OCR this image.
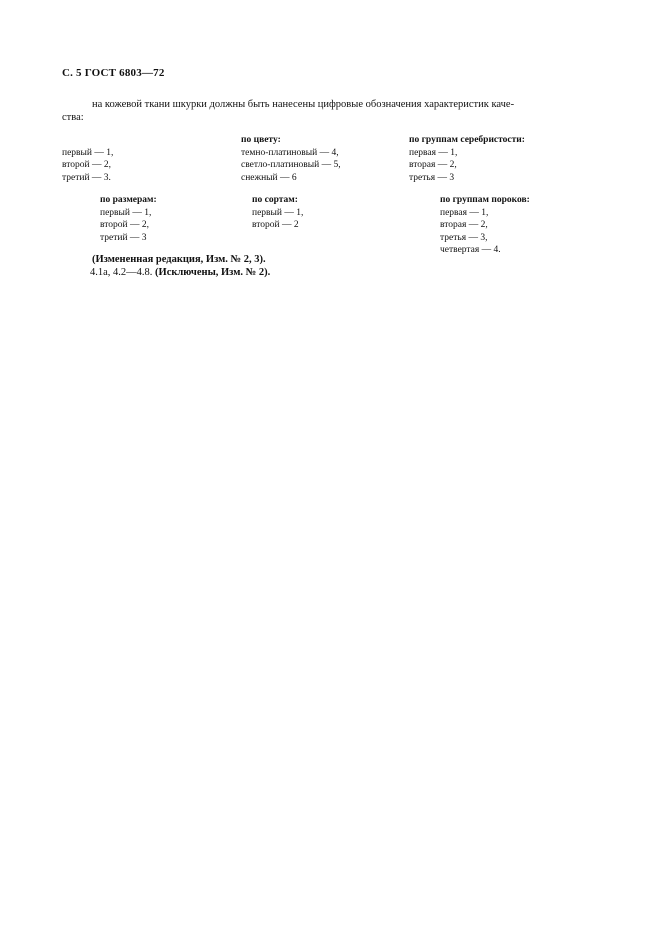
С. 5 ГОСТ 6803—72
на кожевой ткани шкурки должны быть нанесены цифровые обозначения характеристик каче-
ства:
первый — 1,
второй — 2,
третий — 3.
по цвету:
темно-платиновый — 4,
светло-платиновый — 5,
снежный — 6
по группам серебристости:
первая — 1,
вторая — 2,
третья — 3
по размерам:
первый — 1,
второй — 2,
третий — 3
по сортам:
первый — 1,
второй — 2
по группам пороков:
первая — 1,
вторая — 2,
третья — 3,
четвертая — 4.
(Измененная редакция, Изм. № 2, 3).
4.1а, 4.2—4.8. (Исключены, Изм. № 2).
